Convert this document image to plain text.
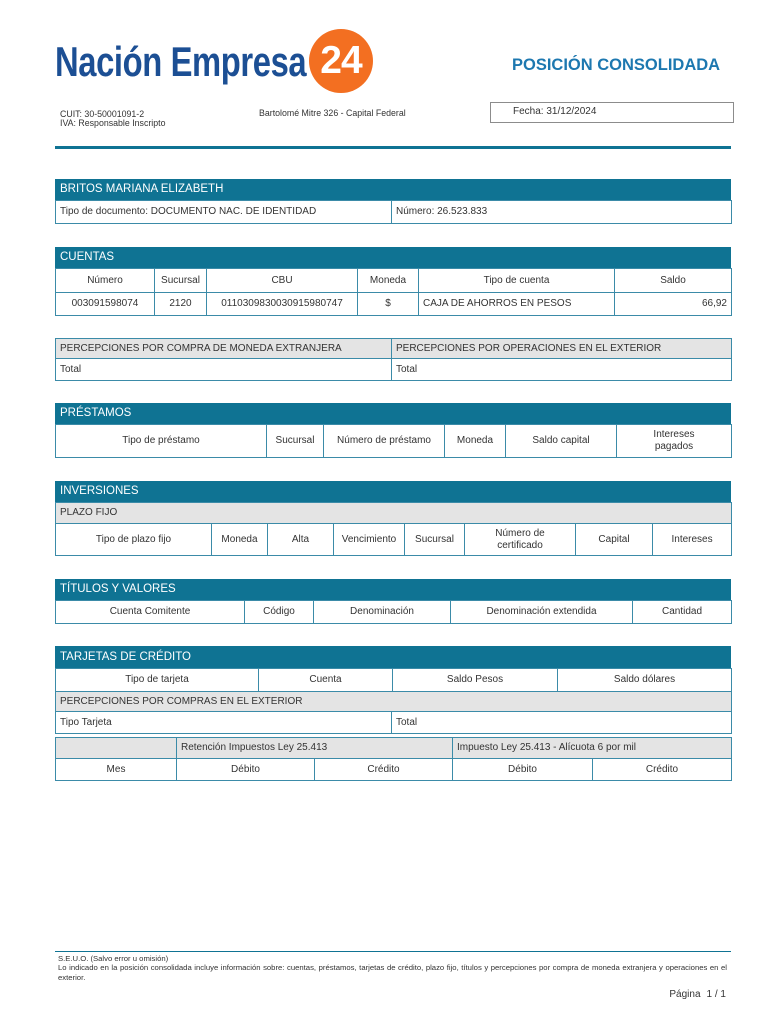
Nación Empresa 24	POSICIÓN CONSOLIDADA
CUIT: 30-50001091-2
IVA: Responsable Inscripto
Bartolomé Mitre 326 - Capital Federal	Fecha: 31/12/2024
BRITOS MARIANA ELIZABETH
Tipo de documento: DOCUMENTO NAC. DE IDENTIDAD	Número: 26.523.833
CUENTAS
Número	Sucursal	CBU	Moneda	Tipo de cuenta	Saldo
003091598074	2120	0110309830030915980747	$	CAJA DE AHORROS EN PESOS	66,92
PERCEPCIONES POR COMPRA DE MONEDA EXTRANJERA	PERCEPCIONES POR OPERACIONES EN EL EXTERIOR
Total	Total
PRÉSTAMOS
Tipo de préstamo	Sucursal	Número de préstamo	Moneda	Saldo capital	Intereses pagados
INVERSIONES
PLAZO FIJO
Tipo de plazo fijo	Moneda	Alta	Vencimiento	Sucursal	Número de certificado	Capital	Intereses
TÍTULOS Y VALORES
Cuenta Comitente	Código	Denominación	Denominación extendida	Cantidad
TARJETAS DE CRÉDITO
Tipo de tarjeta	Cuenta	Saldo Pesos	Saldo dólares
PERCEPCIONES POR COMPRAS EN EL EXTERIOR
Tipo Tarjeta	Total
	Retención Impuestos Ley 25.413		Impuesto Ley 25.413 - Alícuota 6 por mil	
Mes	Débito	Crédito	Débito	Crédito
S.E.U.O. (Salvo error u omisión)
Lo indicado en la posición consolidada incluye información sobre: cuentas, préstamos, tarjetas de crédito, plazo fijo, títulos y percepciones por compra de moneda extranjera y operaciones en el exterior.
Página 1 / 1
